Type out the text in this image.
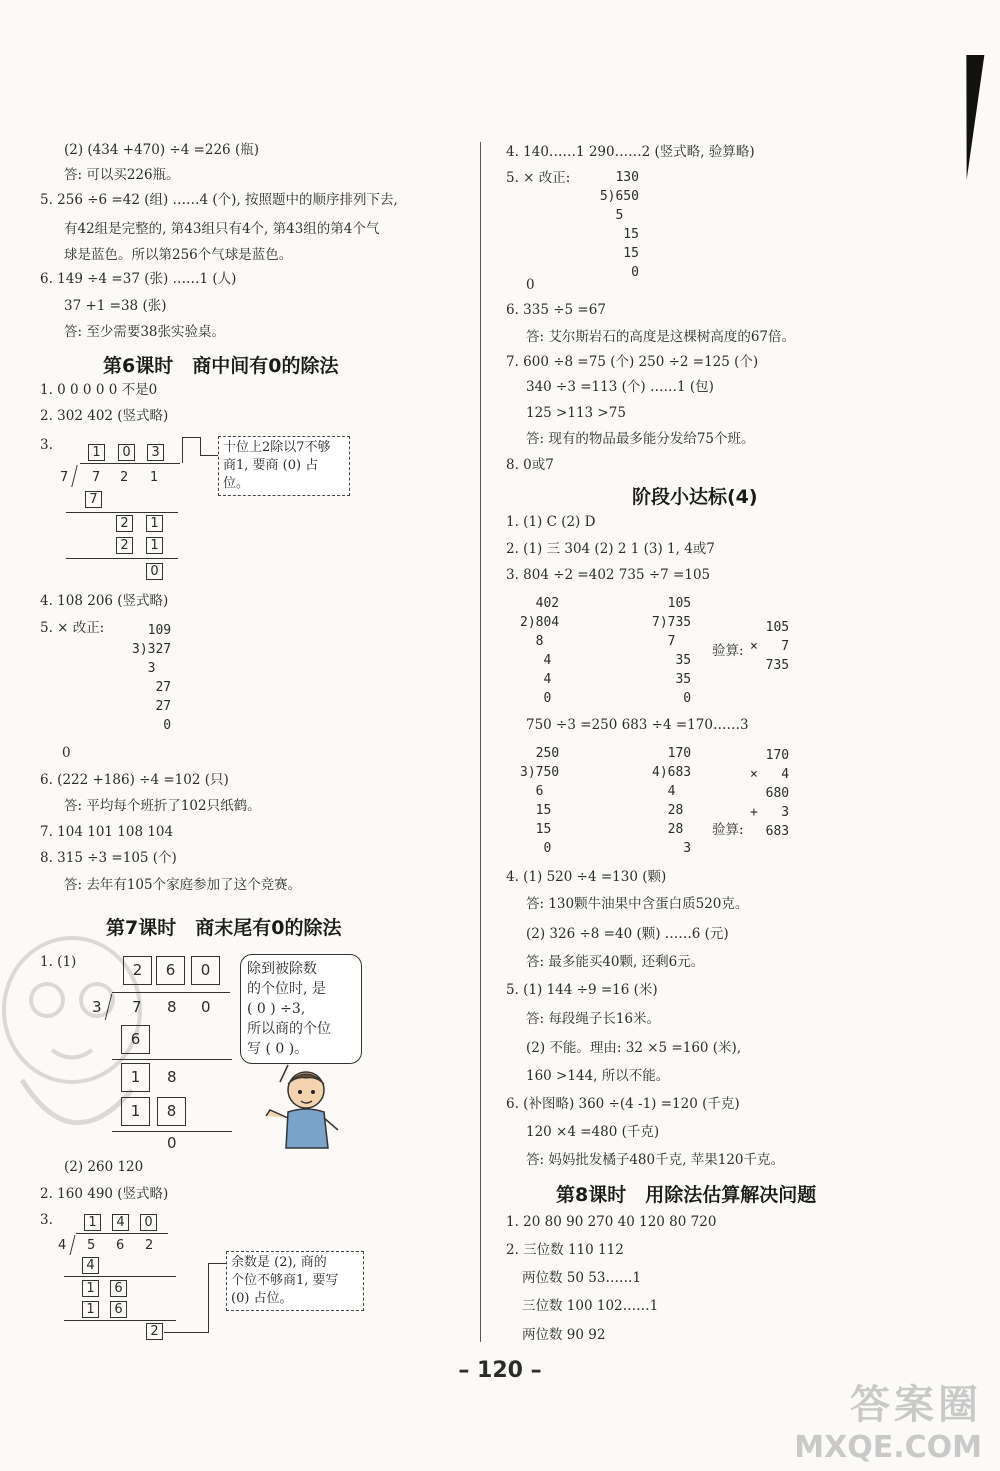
(2) (434 +470) ÷4 =226 (瓶)
答: 可以买226瓶。
5. 256 ÷6 =42 (组) ……4 (个), 按照题中的顺序排列下去,
有42组是完整的, 第43组只有4个, 第43组的第4个气
球是蓝色。所以第256个气球是蓝色。
6. 149 ÷4 =37 (张) ……1 (人)
37 +1 =38 (张)
答: 至少需要38张实验桌。
第6课时　商中间有0的除法
1. 0 0 0 0 0 不是0
2. 302 402 (竖式略)
3.	1	0	3
7 7 2 1
7
2	1
2	1
0
十位上2除以7不够
商1, 要商 (0) 占
位。
4. 108 206 (竖式略)
5. × 改正:	109
3)327
3
27
27
0
0
6. (222 +186) ÷4 =102 (只)
答: 平均每个班折了102只纸鹤。
7. 104 101 108 104
8. 315 ÷3 =105 (个)
答: 去年有105个家庭参加了这个竞赛。
第7课时　商末尾有0的除法
1. (1)	2	6	0
3 7 8 0
6
1	8
1	8
0
除到被除数
的个位时, 是
( 0 ) ÷3,
所以商的个位
写 ( 0 )。
(2) 260 120
2. 160 490 (竖式略)
3.	1	4	0
4 5 6 2
4
1	6
1	6
2
余数是 (2), 商的
个位不够商1, 要写
(0) 占位。
4. 140……1 290……2 (竖式略, 验算略)
5. × 改正:	130
5)650
5
15
15
0
0
6. 335 ÷5 =67
答: 艾尔斯岩石的高度是这棵树高度的67倍。
7. 600 ÷8 =75 (个) 250 ÷2 =125 (个)
340 ÷3 =113 (个) ……1 (包)
125 >113 >75
答: 现有的物品最多能分发给75个班。
8. 0或7
阶段小达标(4)
1. (1) C (2) D
2. (1) 三 304 (2) 2 1 (3) 1, 4或7
3. 804 ÷2 =402 735 ÷7 =105
402
2)804
8
4
4
0
105
7)735
7
35
35
0
验算:
105
×   7
735
750 ÷3 =250 683 ÷4 =170……3
250
3)750
6
15
15
0
170
4)683
4
28
28
3
验算:
170
×   4
680
+   3
683
4. (1) 520 ÷4 =130 (颗)
答: 130颗牛油果中含蛋白质520克。
(2) 326 ÷8 =40 (颗) ……6 (元)
答: 最多能买40颗, 还剩6元。
5. (1) 144 ÷9 =16 (米)
答: 每段绳子长16米。
(2) 不能。理由: 32 ×5 =160 (米),
160 >144, 所以不能。
6. (补图略) 360 ÷(4 -1) =120 (千克)
120 ×4 =480 (千克)
答: 妈妈批发橘子480千克, 苹果120千克。
第8课时　用除法估算解决问题
1. 20 80 90 270 40 120 80 720
2. 三位数 110 112
两位数 50 53……1
三位数 100 102……1
两位数 90 92
– 120 –
答案圈
MXQE.COM
